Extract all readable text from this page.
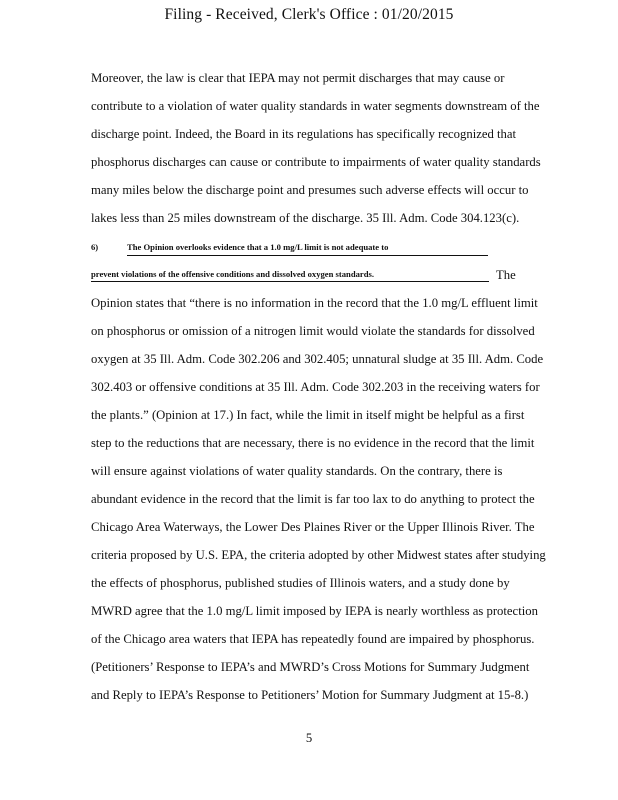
Filing - Received, Clerk's Office : 01/20/2015
Moreover, the law is clear that IEPA may not permit discharges that may cause or
contribute to a violation of water quality standards in water segments downstream of the
discharge point. Indeed, the Board in its regulations has specifically recognized that
phosphorus discharges can cause or contribute to impairments of water quality standards
many miles below the discharge point and presumes such adverse effects will occur to
lakes less than 25 miles downstream of the discharge. 35 Ill. Adm. Code 304.123(c).
6)	The Opinion overlooks evidence that a 1.0 mg/L limit is not adequate to
prevent violations of the offensive conditions and dissolved oxygen standards.	The
Opinion states that “there is no information in the record that the 1.0 mg/L effluent limit
on phosphorus or omission of a nitrogen limit would violate the standards for dissolved
oxygen at 35 Ill. Adm. Code 302.206 and 302.405; unnatural sludge at 35 Ill. Adm. Code
302.403 or offensive conditions at 35 Ill. Adm. Code 302.203 in the receiving waters for
the plants.” (Opinion at 17.) In fact, while the limit in itself might be helpful as a first
step to the reductions that are necessary, there is no evidence in the record that the limit
will ensure against violations of water quality standards. On the contrary, there is
abundant evidence in the record that the limit is far too lax to do anything to protect the
Chicago Area Waterways, the Lower Des Plaines River or the Upper Illinois River. The
criteria proposed by U.S. EPA, the criteria adopted by other Midwest states after studying
the effects of phosphorus, published studies of Illinois waters, and a study done by
MWRD agree that the 1.0 mg/L limit imposed by IEPA is nearly worthless as protection
of the Chicago area waters that IEPA has repeatedly found are impaired by phosphorus.
(Petitioners’ Response to IEPA’s and MWRD’s Cross Motions for Summary Judgment
and Reply to IEPA’s Response to Petitioners’ Motion for Summary Judgment at 15-8.)
5
